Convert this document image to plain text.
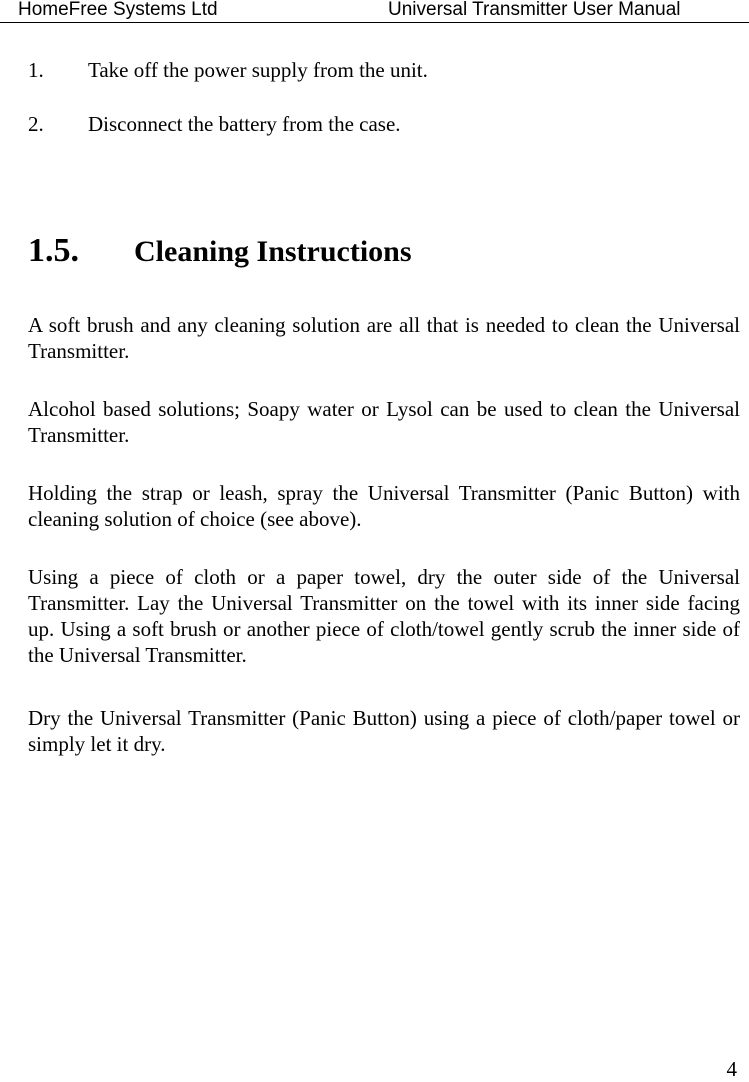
HomeFree Systems Ltd	Universal Transmitter User Manual
1. Take off the power supply from the unit.
2. Disconnect the battery from the case.
1.5. Cleaning Instructions

A soft brush and any cleaning solution are all that is needed to clean the Universal Transmitter.

Alcohol based solutions; Soapy water or Lysol can be used to clean the Universal Transmitter.

Holding the strap or leash, spray the Universal Transmitter (Panic Button) with cleaning solution of choice (see above).

Using a piece of cloth or a paper towel, dry the outer side of the Universal Transmitter. Lay the Universal Transmitter on the towel with its inner side facing up. Using a soft brush or another piece of cloth/towel gently scrub the inner side of the Universal Transmitter.

Dry the Universal Transmitter (Panic Button) using a piece of cloth/paper towel or simply let it dry.

4
